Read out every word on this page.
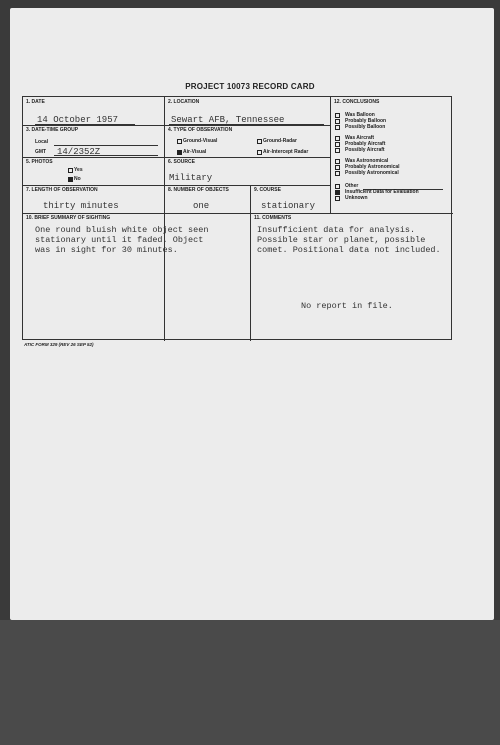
PROJECT 10073 RECORD CARD
1. DATE
14 October 1957
2. LOCATION
Sewart AFB, Tennessee
3. DATE-TIME GROUP
Local
GMT 14/2352Z
4. TYPE OF OBSERVATION
Ground-Visual	Ground-Radar
Air-Visual	Air-Intercept Radar
5. PHOTOS
Yes
No
6. SOURCE
Military
7. LENGTH OF OBSERVATION
thirty minutes
8. NUMBER OF OBJECTS
one
9. COURSE
stationary
12. CONCLUSIONS
Was Balloon
Probably Balloon
Possibly Balloon
Was Aircraft
Probably Aircraft
Possibly Aircraft
Was Astronomical
Probably Astronomical
Possibly Astronomical
Other
Insufficient Data for Evaluation
Unknown
10. BRIEF SUMMARY OF SIGHTING
One round bluish white object seen
stationary until it faded. Object
was in sight for 30 minutes.
11. COMMENTS
Insufficient data for analysis.
Possible star or planet, possible
comet. Positional data not included.
No report in file.
ATIC FORM 329 (REV 26 SEP 52)
